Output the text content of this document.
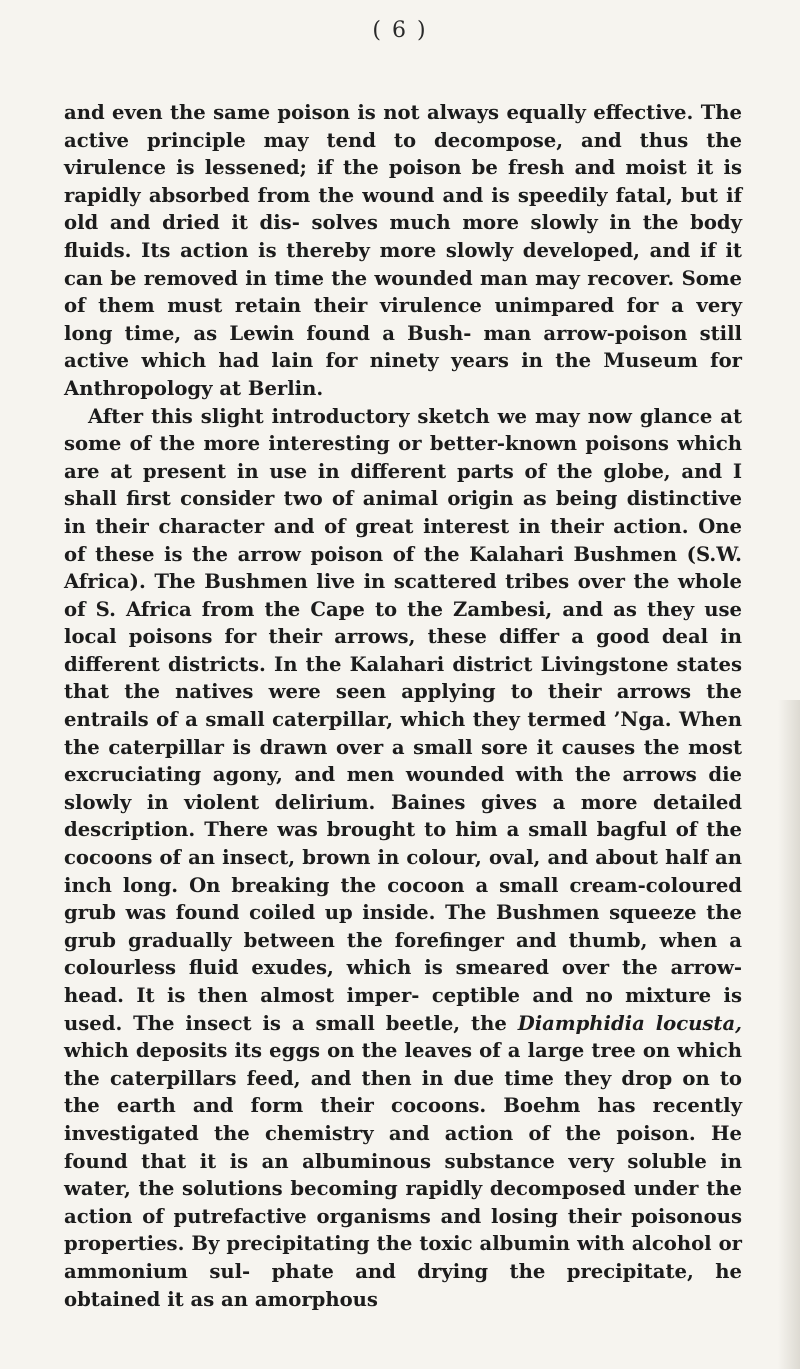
( 6 )

and even the same poison is not always equally effective. The active principle may tend to decompose, and thus the virulence is lessened; if the poison be fresh and moist it is rapidly absorbed from the wound and is speedily fatal, but if old and dried it dis- solves much more slowly in the body fluids. Its action is thereby more slowly developed, and if it can be removed in time the wounded man may recover. Some of them must retain their virulence unimpared for a very long time, as Lewin found a Bush- man arrow-poison still active which had lain for ninety years in the Museum for Anthropology at Berlin.

After this slight introductory sketch we may now glance at some of the more interesting or better-known poisons which are at present in use in different parts of the globe, and I shall first consider two of animal origin as being distinctive in their character and of great interest in their action. One of these is the arrow poison of the Kalahari Bushmen (S.W. Africa). The Bushmen live in scattered tribes over the whole of S. Africa from the Cape to the Zambesi, and as they use local poisons for their arrows, these differ a good deal in different districts. In the Kalahari district Livingstone states that the natives were seen applying to their arrows the entrails of a small caterpillar, which they termed ’Nga. When the caterpillar is drawn over a small sore it causes the most excruciating agony, and men wounded with the arrows die slowly in violent delirium. Baines gives a more detailed description. There was brought to him a small bagful of the cocoons of an insect, brown in colour, oval, and about half an inch long. On breaking the cocoon a small cream-coloured grub was found coiled up inside. The Bushmen squeeze the grub gradually between the forefinger and thumb, when a colourless fluid exudes, which is smeared over the arrow-head. It is then almost imper- ceptible and no mixture is used. The insect is a small beetle, the Diamphidia locusta, which deposits its eggs on the leaves of a large tree on which the caterpillars feed, and then in due time they drop on to the earth and form their cocoons. Boehm has recently investigated the chemistry and action of the poison. He found that it is an albuminous substance very soluble in water, the solutions becoming rapidly decomposed under the action of putrefactive organisms and losing their poisonous properties. By precipitating the toxic albumin with alcohol or ammonium sul- phate and drying the precipitate, he obtained it as an amorphous
